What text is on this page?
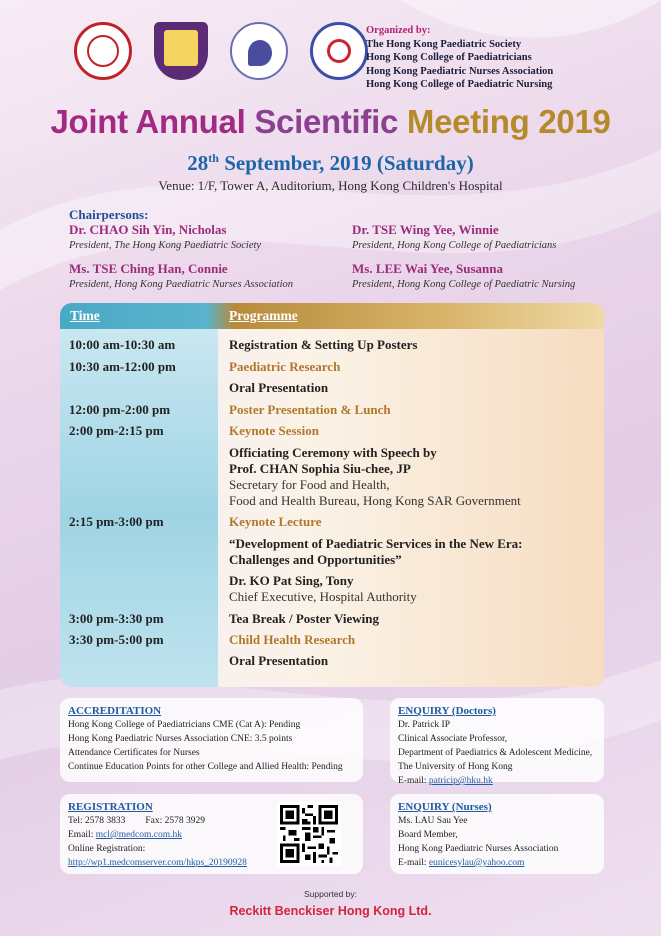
Organized by:
The Hong Kong Paediatric Society
Hong Kong College of Paediatricians
Hong Kong Paediatric Nurses Association
Hong Kong College of Paediatric Nursing
Joint Annual Scientific Meeting 2019
28th September, 2019 (Saturday)
Venue: 1/F, Tower A, Auditorium, Hong Kong Children's Hospital
Chairpersons:
Dr. CHAO Sih Yin, Nicholas
President, The Hong Kong Paediatric Society
Dr. TSE Wing Yee, Winnie
President, Hong Kong College of Paediatricians
Ms. TSE Ching Han, Connie
President, Hong Kong Paediatric Nurses Association
Ms. LEE Wai Yee, Susanna
President, Hong Kong College of Paediatric Nursing
Time	Programme
10:00 am-10:30 am	Registration & Setting Up Posters
10:30 am-12:00 pm	Paediatric Research
Oral Presentation
12:00 pm-2:00 pm	Poster Presentation & Lunch
2:00 pm-2:15 pm	Keynote Session
Officiating Ceremony with Speech by
Prof. CHAN Sophia Siu-chee, JP
Secretary for Food and Health,
Food and Health Bureau, Hong Kong SAR Government
2:15 pm-3:00 pm	Keynote Lecture
“Development of Paediatric Services in the New Era:
Challenges and Opportunities”
Dr. KO Pat Sing, Tony
Chief Executive, Hospital Authority
3:00 pm-3:30 pm	Tea Break / Poster Viewing
3:30 pm-5:00 pm	Child Health Research
Oral Presentation
ACCREDITATION
Hong Kong College of Paediatricians CME (Cat A): Pending
Hong Kong Paediatric Nurses Association CNE: 3.5 points
Attendance Certificates for Nurses
Continue Education Points for other College and Allied Health: Pending
ENQUIRY (Doctors)
Dr. Patrick IP
Clinical Associate Professor,
Department of Paediatrics & Adolescent Medicine,
The University of Hong Kong
E-mail: patricip@hku.hk
REGISTRATION
Tel: 2578 3833 Fax: 2578 3929
Email: mcl@medcom.com.hk
Online Registration:
http://wp1.medcomserver.com/hkps_20190928
ENQUIRY (Nurses)
Ms. LAU Sau Yee
Board Member,
Hong Kong Paediatric Nurses Association
E-mail: eunicesylau@yahoo.com
Supported by:
Reckitt Benckiser Hong Kong Ltd.
